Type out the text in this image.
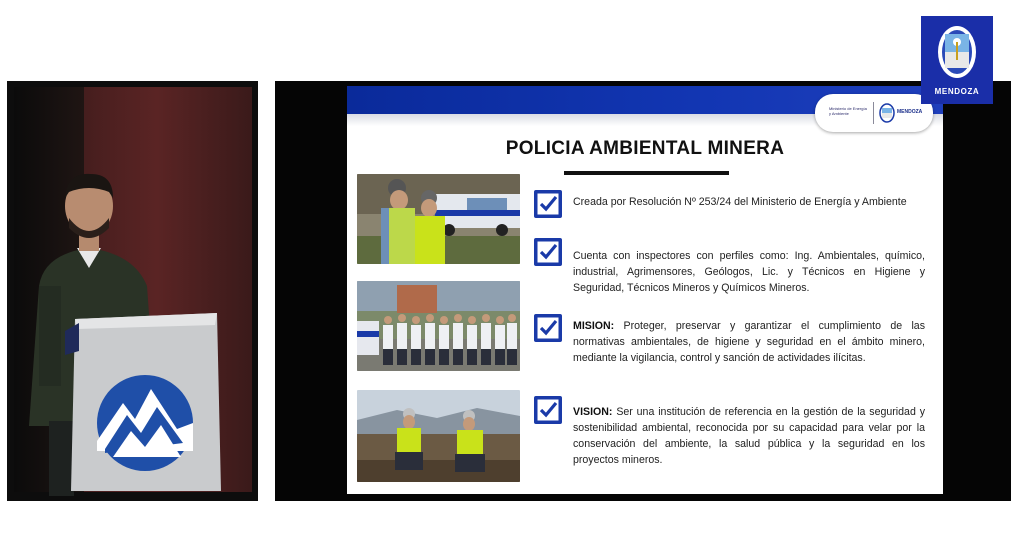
Ministerio de Energía y Ambiente	MENDOZA
POLICIA AMBIENTAL MINERA
Creada por Resolución Nº 253/24 del Ministerio de Energía y Ambiente
Cuenta con inspectores con perfiles como: Ing. Ambientales, químico, industrial, Agrimensores, Geólogos, Lic. y Técnicos en Higiene y Seguridad, Técnicos Mineros y Químicos Mineros.
MISION: Proteger, preservar y garantizar el cumplimiento de las normativas ambientales, de higiene y seguridad en el ámbito minero, mediante la vigilancia, control y sanción de actividades ilícitas.
VISION: Ser una institución de referencia en la gestión de la seguridad y sostenibilidad ambiental, reconocida por su capacidad para velar por la conservación del ambiente, la salud pública y la seguridad en los proyectos mineros.
MENDOZA
